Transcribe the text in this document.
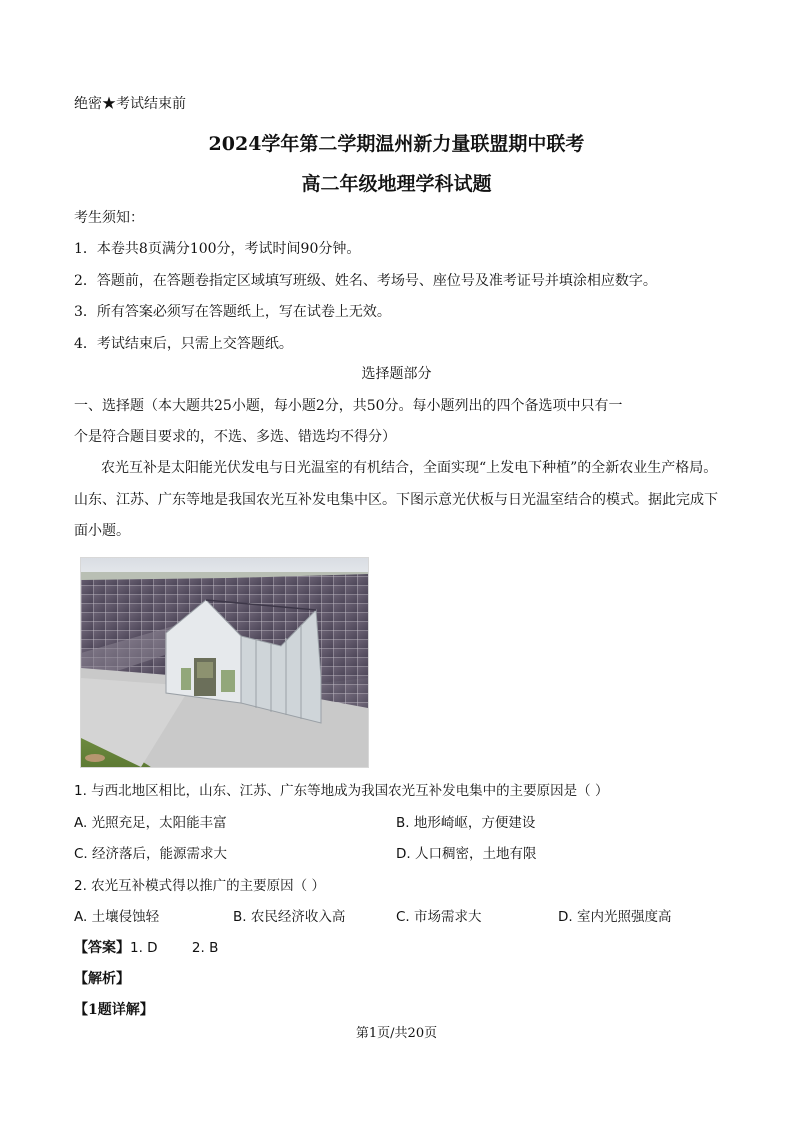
绝密★考试结束前
2024学年第二学期温州新力量联盟期中联考
高二年级地理学科试题
考生须知：
1．本卷共8页满分100分，考试时间90分钟。
2．答题前，在答题卷指定区域填写班级、姓名、考场号、座位号及准考证号并填涂相应数字。
3．所有答案必须写在答题纸上，写在试卷上无效。
4．考试结束后，只需上交答题纸。
选择题部分
一、选择题（本大题共25小题，每小题2分，共50分。每小题列出的四个备选项中只有一
个是符合题目要求的，不选、多选、错选均不得分）
农光互补是太阳能光伏发电与日光温室的有机结合，全面实现“上发电下种植”的全新农业生产格局。
山东、江苏、广东等地是我国农光互补发电集中区。下图示意光伏板与日光温室结合的模式。据此完成下
面小题。
1. 与西北地区相比，山东、江苏、广东等地成为我国农光互补发电集中的主要原因是（ ）
A. 光照充足，太阳能丰富	B. 地形崎岖，方便建设
C. 经济落后，能源需求大	D. 人口稠密，土地有限
2. 农光互补模式得以推广的主要原因（ ）
A. 土壤侵蚀轻	B. 农民经济收入高	C. 市场需求大	D. 室内光照强度高
【答案】1. D        2. B
【解析】
【1题详解】
第1页/共20页
